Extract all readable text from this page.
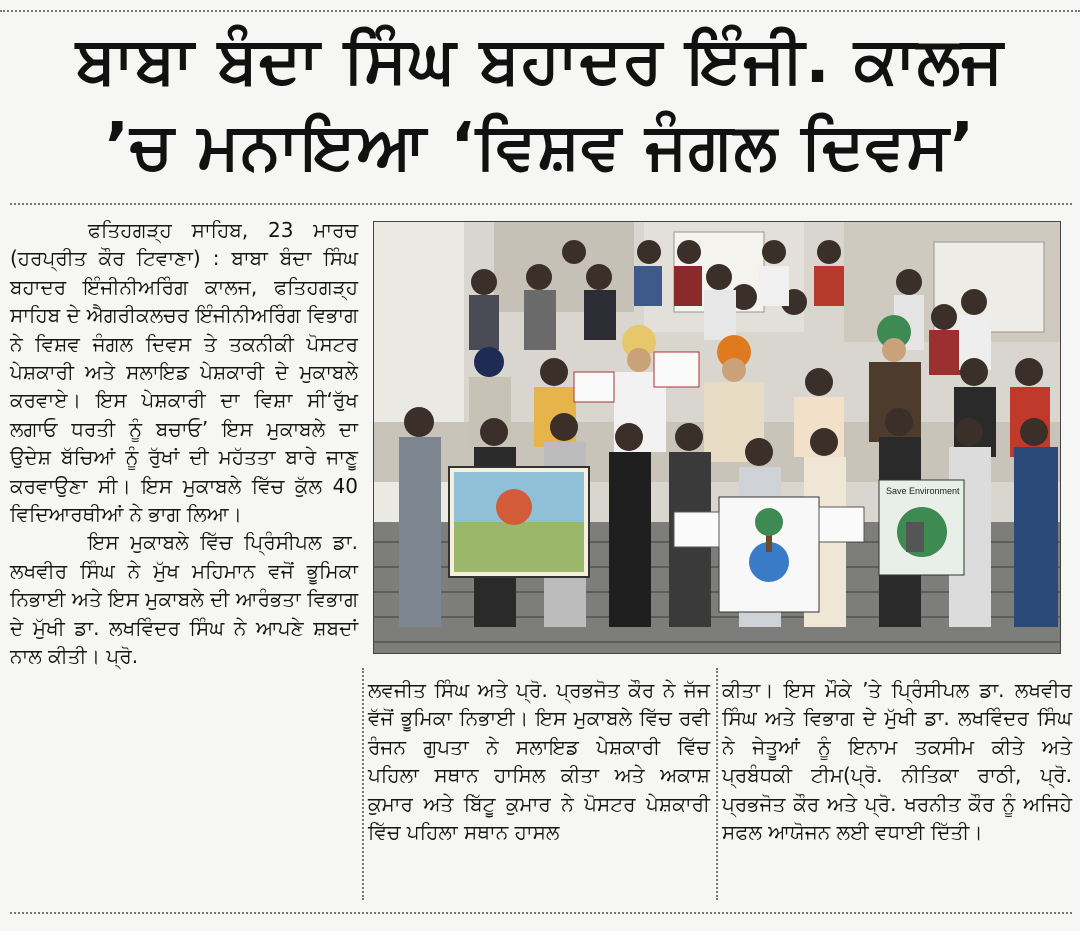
ਬਾਬਾ ਬੰਦਾ ਸਿੰਘ ਬਹਾਦਰ ਇੰਜੀ. ਕਾਲਜ
’ਚ ਮਨਾਇਆ ‘ਵਿਸ਼ਵ ਜੰਗਲ ਦਿਵਸ’

ਫਤਿਹਗੜ੍ਹ ਸਾਹਿਬ, 23 ਮਾਰਚ (ਹਰਪ੍ਰੀਤ ਕੌਰ ਟਿਵਾਣਾ) : ਬਾਬਾ ਬੰਦਾ ਸਿੰਘ ਬਹਾਦਰ ਇੰਜੀਨੀਅਰਿੰਗ ਕਾਲਜ, ਫਤਿਹਗੜ੍ਹ ਸਾਹਿਬ ਦੇ ਐਗਰੀਕਲਚਰ ਇੰਜੀਨੀਅਰਿੰਗ ਵਿਭਾਗ ਨੇ ਵਿਸ਼ਵ ਜੰਗਲ ਦਿਵਸ ਤੇ ਤਕਨੀਕੀ ਪੋਸਟਰ ਪੇਸ਼ਕਾਰੀ ਅਤੇ ਸਲਾਇਡ ਪੇਸ਼ਕਾਰੀ ਦੇ ਮੁਕਾਬਲੇ ਕਰਵਾਏ। ਇਸ ਪੇਸ਼ਕਾਰੀ ਦਾ ਵਿਸ਼ਾ ਸੀ‘ਰੁੱਖ ਲਗਾਓ ਧਰਤੀ ਨੂੰ ਬਚਾਓ’ ਇਸ ਮੁਕਾਬਲੇ ਦਾ ਉਦੇਸ਼ ਬੱਚਿਆਂ ਨੂੰ ਰੁੱਖਾਂ ਦੀ ਮਹੱਤਤਾ ਬਾਰੇ ਜਾਣੂ ਕਰਵਾਉਣਾ ਸੀ। ਇਸ ਮੁਕਾਬਲੇ ਵਿੱਚ ਕੁੱਲ 40 ਵਿਦਿਆਰਥੀਆਂ ਨੇ ਭਾਗ ਲਿਆ।

ਇਸ ਮੁਕਾਬਲੇ ਵਿੱਚ ਪ੍ਰਿੰਸੀਪਲ ਡਾ. ਲਖਵੀਰ ਸਿੰਘ ਨੇ ਮੁੱਖ ਮਹਿਮਾਨ ਵਜੋਂ ਭੂਮਿਕਾ ਨਿਭਾਈ ਅਤੇ ਇਸ ਮੁਕਾਬਲੇ ਦੀ ਆਰੰਭਤਾ ਵਿਭਾਗ ਦੇ ਮੁੱਖੀ ਡਾ. ਲਖਵਿੰਦਰ ਸਿੰਘ ਨੇ ਆਪਣੇ ਸ਼ਬਦਾਂ ਨਾਲ ਕੀਤੀ। ਪ੍ਰੋ.

ਲਵਜੀਤ ਸਿੰਘ ਅਤੇ ਪ੍ਰੋ. ਪ੍ਰਭਜੋਤ ਕੌਰ ਨੇ ਜੱਜ ਵੱਜੋਂ ਭੂਮਿਕਾ ਨਿਭਾਈ। ਇਸ ਮੁਕਾਬਲੇ ਵਿੱਚ ਰਵੀ ਰੰਜਨ ਗੁਪਤਾ ਨੇ ਸਲਾਇਡ ਪੇਸ਼ਕਾਰੀ ਵਿੱਚ ਪਹਿਲਾ ਸਥਾਨ ਹਾਸਿਲ ਕੀਤਾ ਅਤੇ ਅਕਾਸ਼ ਕੁਮਾਰ ਅਤੇ ਬਿੱਟੂ ਕੁਮਾਰ ਨੇ ਪੋਸਟਰ ਪੇਸ਼ਕਾਰੀ ਵਿੱਚ ਪਹਿਲਾ ਸਥਾਨ ਹਾਸਲ

ਕੀਤਾ। ਇਸ ਮੌਕੇ ’ਤੇ ਪ੍ਰਿੰਸੀਪਲ ਡਾ. ਲਖਵੀਰ ਸਿੰਘ ਅਤੇ ਵਿਭਾਗ ਦੇ ਮੁੱਖੀ ਡਾ. ਲਖਵਿੰਦਰ ਸਿੰਘ ਨੇ ਜੇਤੂਆਂ ਨੂੰ ਇਨਾਮ ਤਕਸੀਮ ਕੀਤੇ ਅਤੇ ਪ੍ਰਬੰਧਕੀ ਟੀਮ(ਪ੍ਰੋ. ਨੀਤਿਕਾ ਰਾਠੀ, ਪ੍ਰੋ. ਪ੍ਰਭਜੋਤ ਕੌਰ ਅਤੇ ਪ੍ਰੋ. ਖਰਨੀਤ ਕੌਰ ਨੂੰ ਅਜਿਹੇ ਸਫਲ ਆਯੋਜਨ ਲਈ ਵਧਾਈ ਦਿੱਤੀ।

Save Environment
